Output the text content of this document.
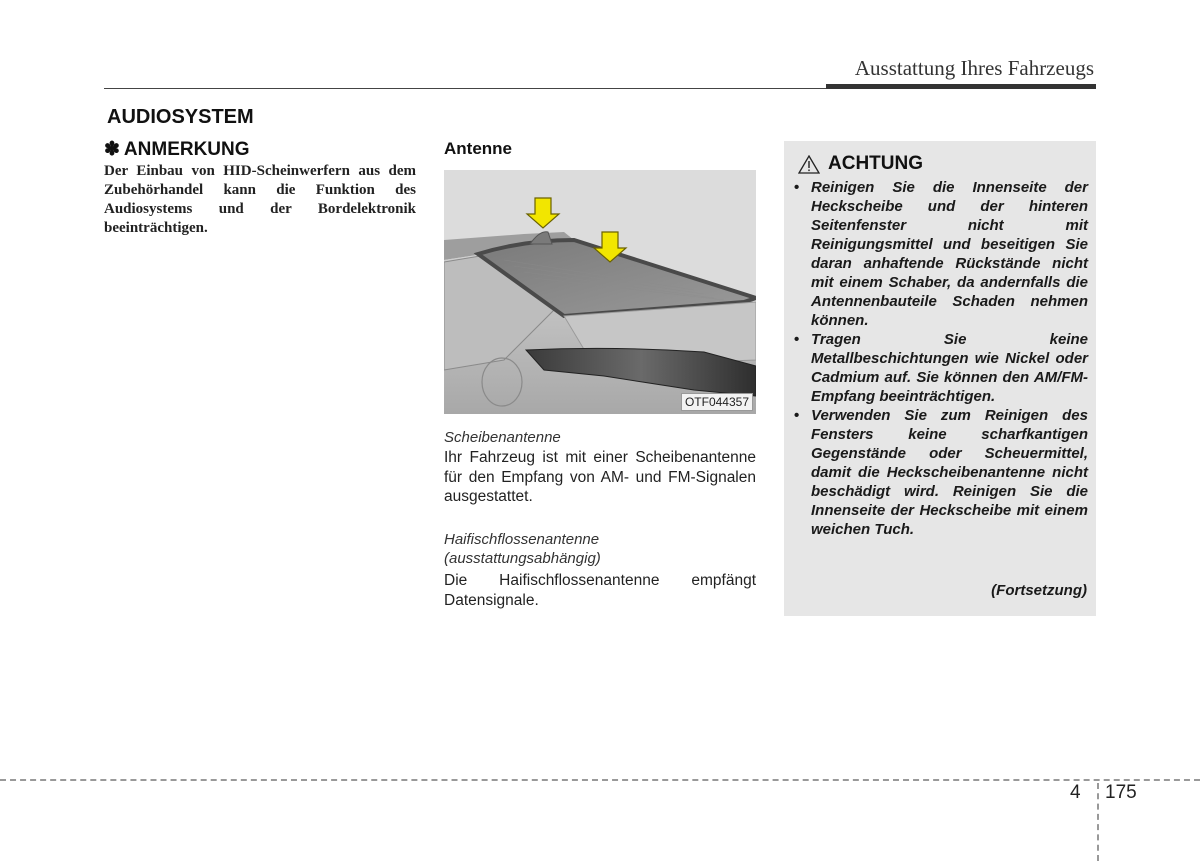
Ausstattung Ihres Fahrzeugs
AUDIOSYSTEM
✽ ANMERKUNG
Der Einbau von HID-Scheinwerfern aus dem Zubehörhandel kann die Funktion des Audiosystems und der Bordelektronik beeinträchtigen.
Antenne
OTF044357
Scheibenantenne
Ihr Fahrzeug ist mit einer Scheibenantenne für den Empfang von AM- und FM-Signalen ausgestattet.
Haifischflossenantenne
(ausstattungsabhängig)
Die Haifischflossenantenne empfängt Datensignale.
ACHTUNG
• Reinigen Sie die Innenseite der Heckscheibe und der hinteren Seitenfenster nicht mit Reinigungsmittel und beseitigen Sie daran anhaftende Rückstände nicht mit einem Schaber, da andernfalls die Antennenbauteile Schaden nehmen können.
• Tragen Sie keine Metallbeschichtungen wie Nickel oder Cadmium auf. Sie können den AM/FM-Empfang beeinträchtigen.
• Verwenden Sie zum Reinigen des Fensters keine scharfkantigen Gegenstände oder Scheuermittel, damit die Heckscheibenantenne nicht beschädigt wird. Reinigen Sie die Innenseite der Heckscheibe mit einem weichen Tuch.
(Fortsetzung)
4 175
